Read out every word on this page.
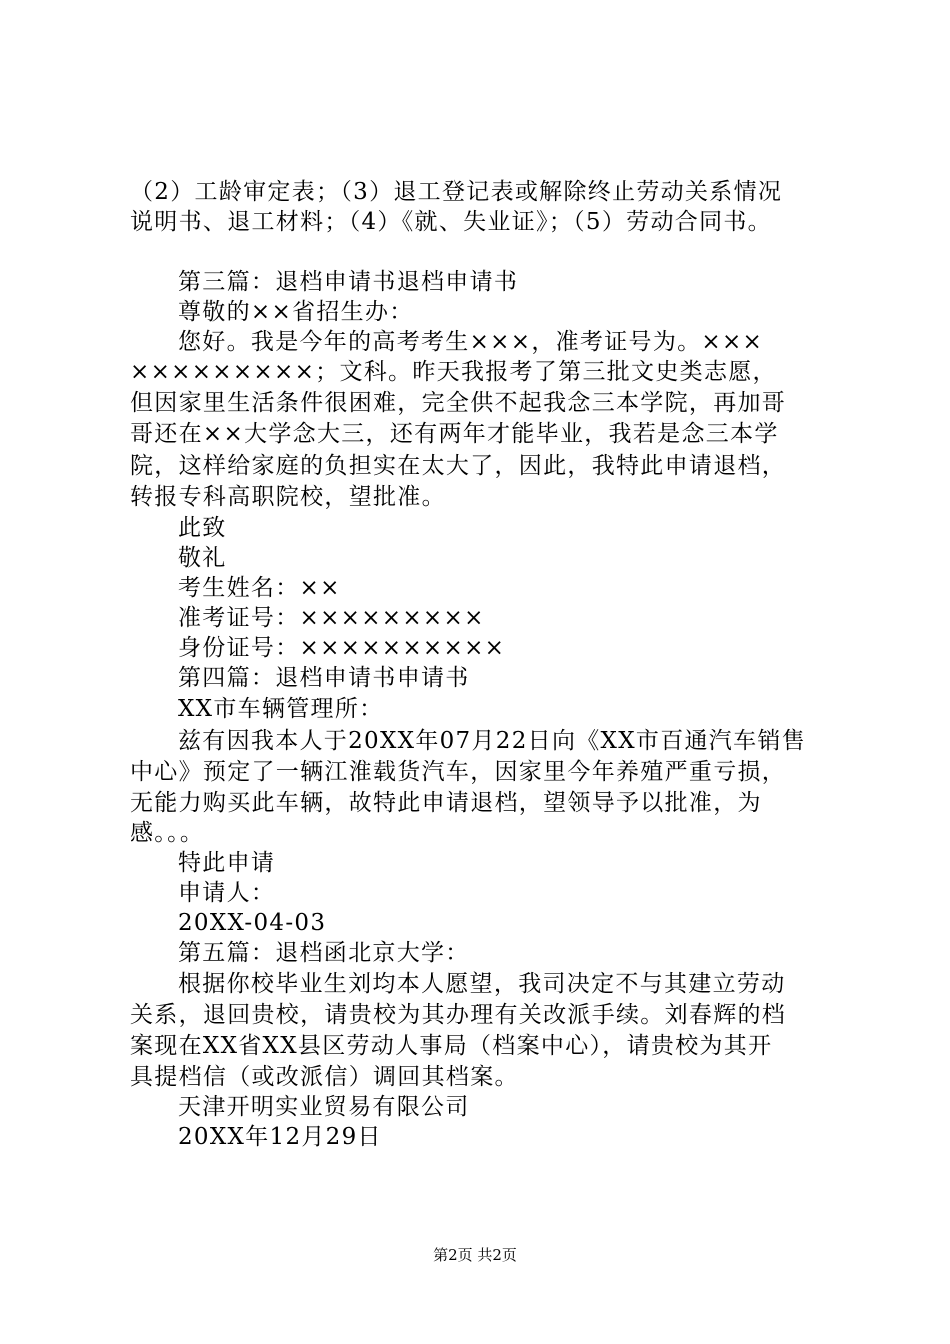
（2）工龄审定表；（3）退工登记表或解除终止劳动关系情况
说明书、退工材料；（4）《就、失业证》；（5）劳动合同书。
第三篇：退档申请书退档申请书
尊敬的××省招生办：
您好。我是今年的高考考生×××，准考证号为。×××
×××××××××；文科。昨天我报考了第三批文史类志愿，
但因家里生活条件很困难，完全供不起我念三本学院，再加哥
哥还在××大学念大三，还有两年才能毕业，我若是念三本学
院，这样给家庭的负担实在太大了，因此，我特此申请退档，
转报专科高职院校，望批准。
此致
敬礼
考生姓名：××
准考证号：×××××××××
身份证号：××××××××××
第四篇：退档申请书申请书
XX市车辆管理所：
兹有因我本人于20XX年07月22日向《XX市百通汽车销售
中心》预定了一辆江淮载货汽车，因家里今年养殖严重亏损，
无能力购买此车辆，故特此申请退档，望领导予以批准，为
感。。。
特此申请
申请人：
20XX-04-03
第五篇：退档函北京大学：
根据你校毕业生刘均本人愿望，我司决定不与其建立劳动
关系，退回贵校，请贵校为其办理有关改派手续。刘春辉的档
案现在XX省XX县区劳动人事局（档案中心），请贵校为其开
具提档信（或改派信）调回其档案。
天津开明实业贸易有限公司
20XX年12月29日
第2页 共2页
